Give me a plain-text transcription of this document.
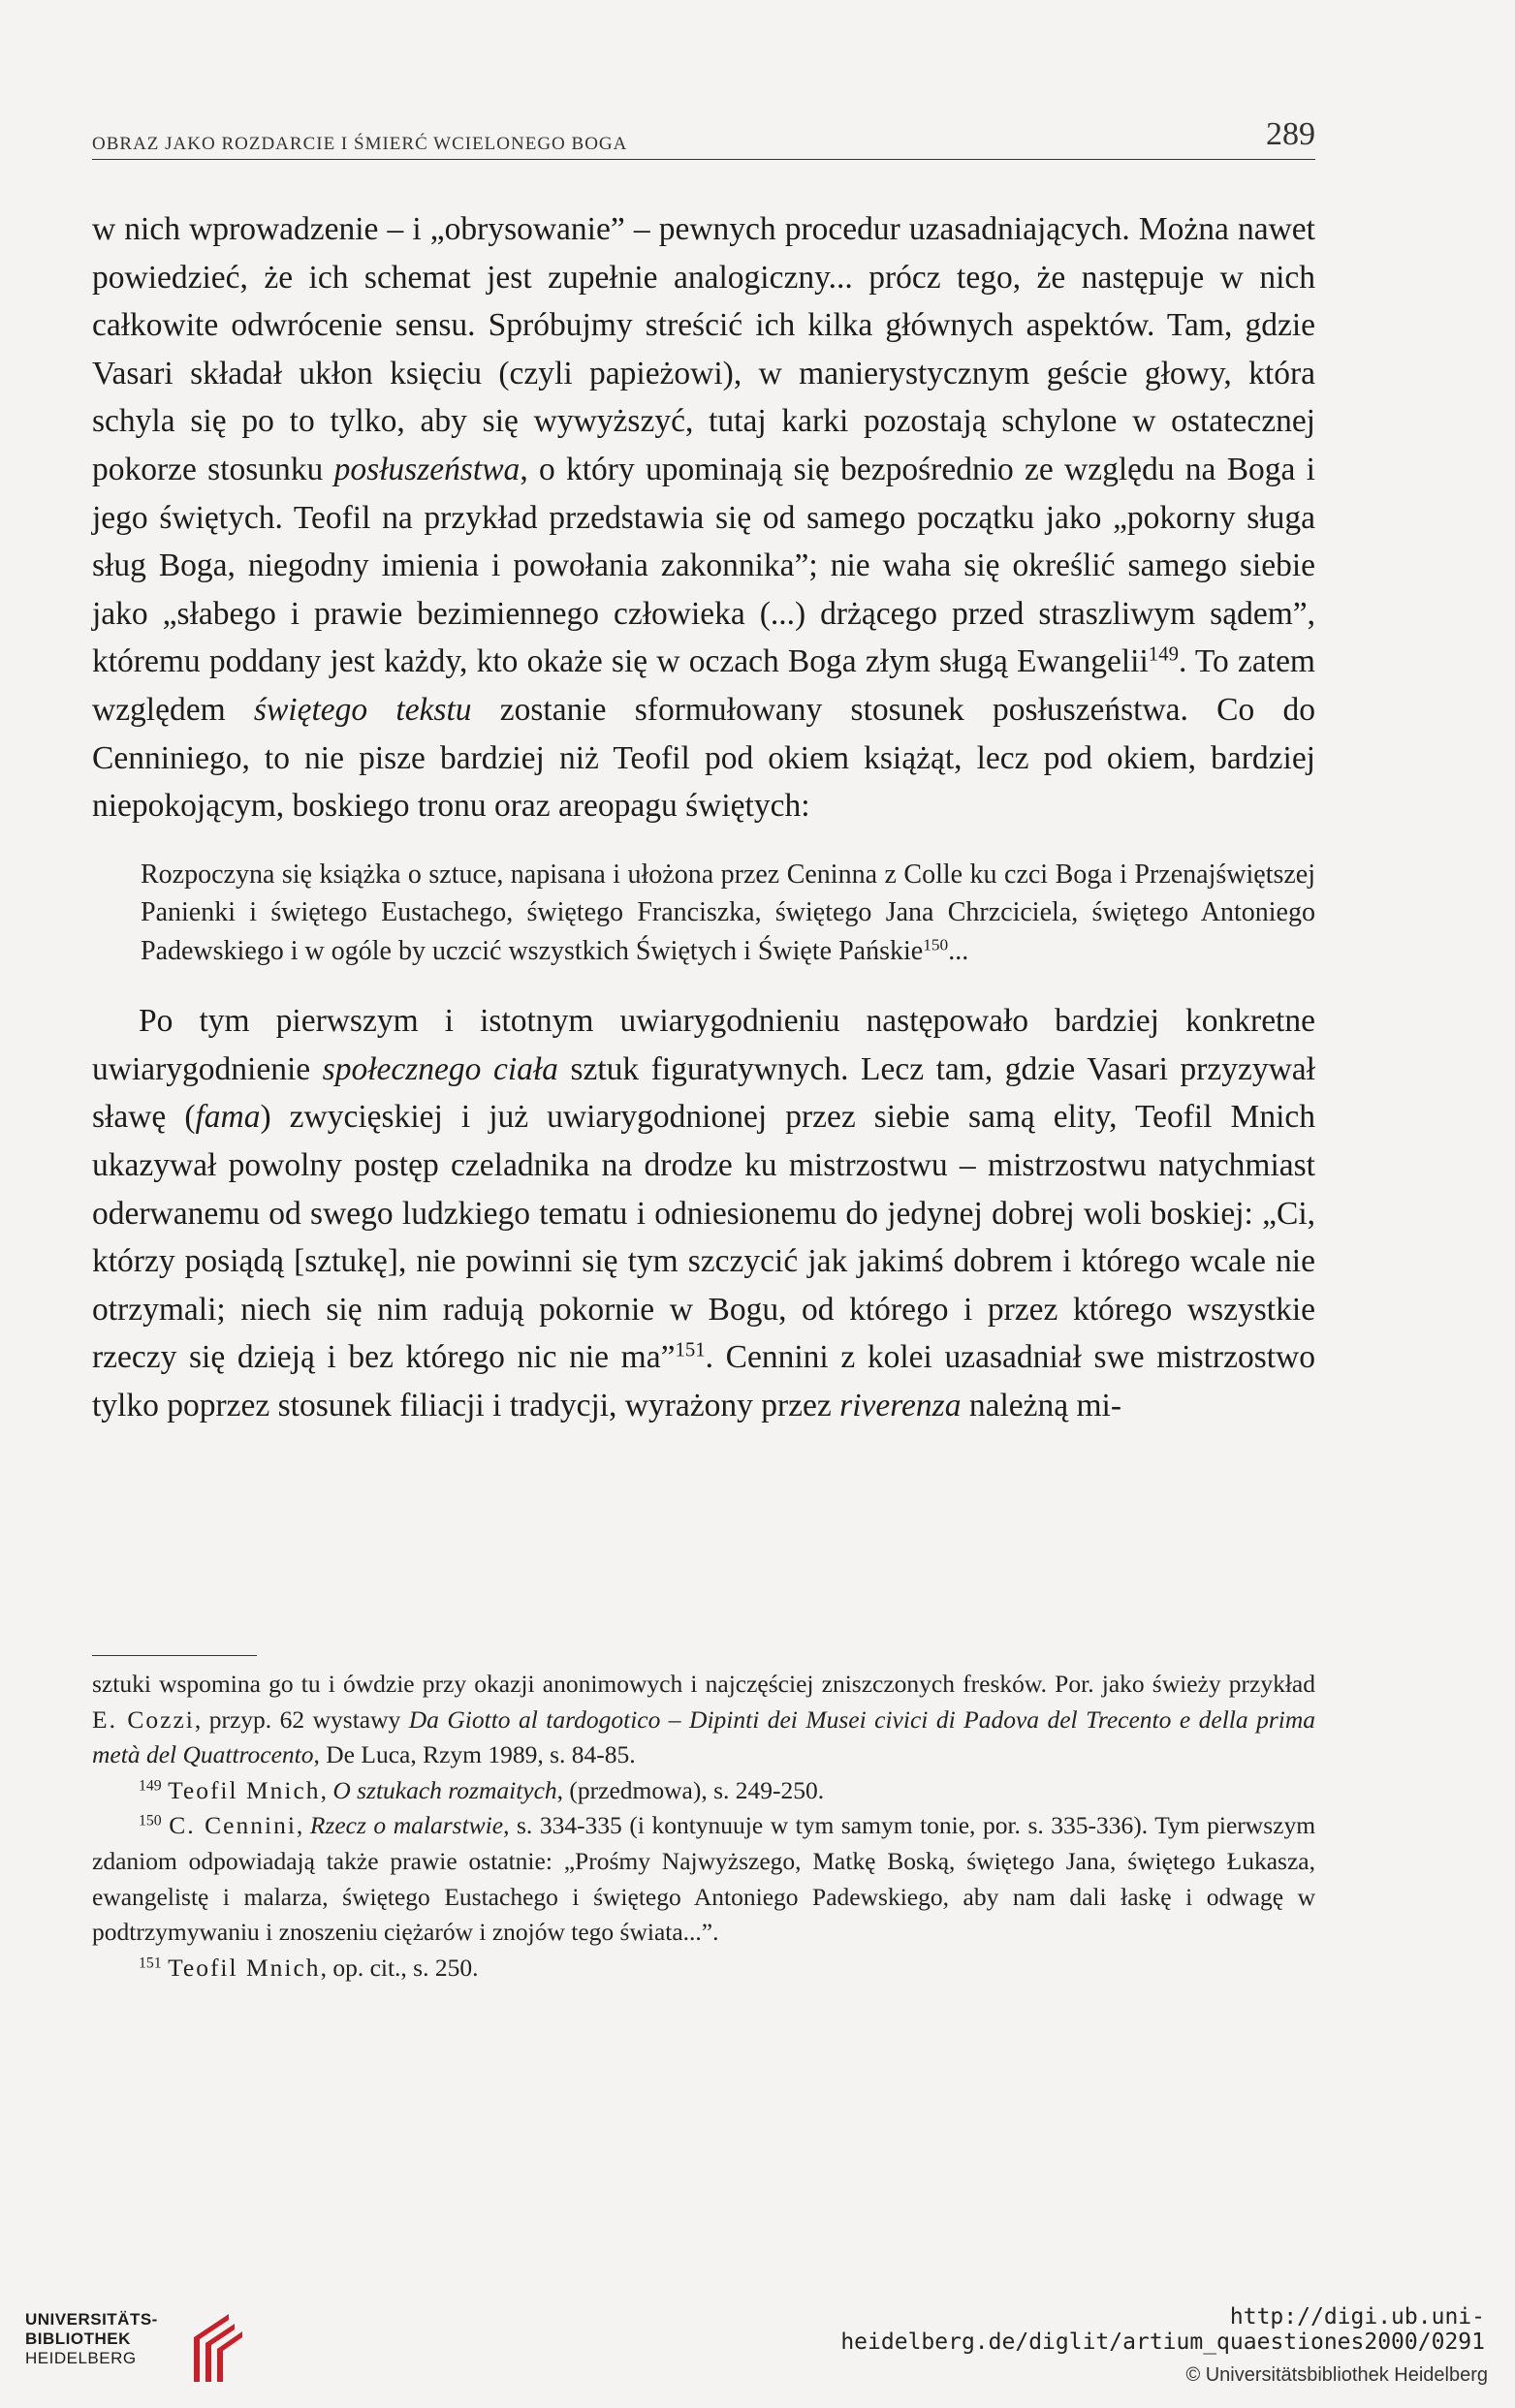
OBRAZ JAKO ROZDARCIE I ŚMIERĆ WCIELONEGO BOGA	289

w nich wprowadzenie – i „obrysowanie” – pewnych procedur uzasadniających. Można nawet powiedzieć, że ich schemat jest zupełnie analogiczny... prócz tego, że następuje w nich całkowite odwrócenie sensu. Spróbujmy streścić ich kilka głównych aspektów. Tam, gdzie Vasari składał ukłon księciu (czyli papieżowi), w manierystycznym geście głowy, która schyla się po to tylko, aby się wywyższyć, tutaj karki pozostają schylone w ostatecznej pokorze stosunku posłuszeństwa, o który upominają się bezpośrednio ze względu na Boga i jego świętych. Teofil na przykład przedstawia się od samego początku jako „pokorny sługa sług Boga, niegodny imienia i powołania zakonnika”; nie waha się określić samego siebie jako „słabego i prawie bezimiennego człowieka (...) drżącego przed straszliwym sądem”, któremu poddany jest każdy, kto okaże się w oczach Boga złym sługą Ewangelii$^{149}$. To zatem względem świętego tekstu zostanie sformułowany stosunek posłuszeństwa. Co do Cenniniego, to nie pisze bardziej niż Teofil pod okiem książąt, lecz pod okiem, bardziej niepokojącym, boskiego tronu oraz areopagu świętych:

Rozpoczyna się książka o sztuce, napisana i ułożona przez Ceninna z Colle ku czci Boga i Przenajświętszej Panienki i świętego Eustachego, świętego Franciszka, świętego Jana Chrzciciela, świętego Antoniego Padewskiego i w ogóle by uczcić wszystkich Świętych i Święte Pańskie$^{150}$...

Po tym pierwszym i istotnym uwiarygodnieniu następowało bardziej konkretne uwiarygodnienie społecznego ciała sztuk figuratywnych. Lecz tam, gdzie Vasari przyzywał sławę (fama) zwycięskiej i już uwiarygodnionej przez siebie samą elity, Teofil Mnich ukazywał powolny postęp czeladnika na drodze ku mistrzostwu – mistrzostwu natychmiast oderwanemu od swego ludzkiego tematu i odniesionemu do jedynej dobrej woli boskiej: „Ci, którzy posiądą [sztukę], nie powinni się tym szczycić jak jakimś dobrem i którego wcale nie otrzymali; niech się nim radują pokornie w Bogu, od którego i przez którego wszystkie rzeczy się dzieją i bez którego nic nie ma”$^{151}$. Cennini z kolei uzasadniał swe mistrzostwo tylko poprzez stosunek filiacji i tradycji, wyrażony przez riverenza należną mi-

sztuki wspomina go tu i ówdzie przy okazji anonimowych i najczęściej zniszczonych fresków. Por. jako świeży przykład E. Cozzi, przyp. 62 wystawy Da Giotto al tardogotico – Dipinti dei Musei civici di Padova del Trecento e della prima metà del Quattrocento, De Luca, Rzym 1989, s. 84-85.

$^{149}$ Teofil Mnich, O sztukach rozmaitych, (przedmowa), s. 249-250.

$^{150}$ C. Cennini, Rzecz o malarstwie, s. 334-335 (i kontynuuje w tym samym tonie, por. s. 335-336). Tym pierwszym zdaniom odpowiadają także prawie ostatnie: „Prośmy Najwyższego, Matkę Boską, świętego Jana, świętego Łukasza, ewangelistę i malarza, świętego Eustachego i świętego Antoniego Padewskiego, aby nam dali łaskę i odwagę w podtrzymywaniu i znoszeniu ciężarów i znojów tego świata...”.

$^{151}$ Teofil Mnich, op. cit., s. 250.

UNIVERSITÄTS-
BIBLIOTHEK
HEIDELBERG
http://digi.ub.uni-heidelberg.de/diglit/artium_quaestiones2000/0291
© Universitätsbibliothek Heidelberg
